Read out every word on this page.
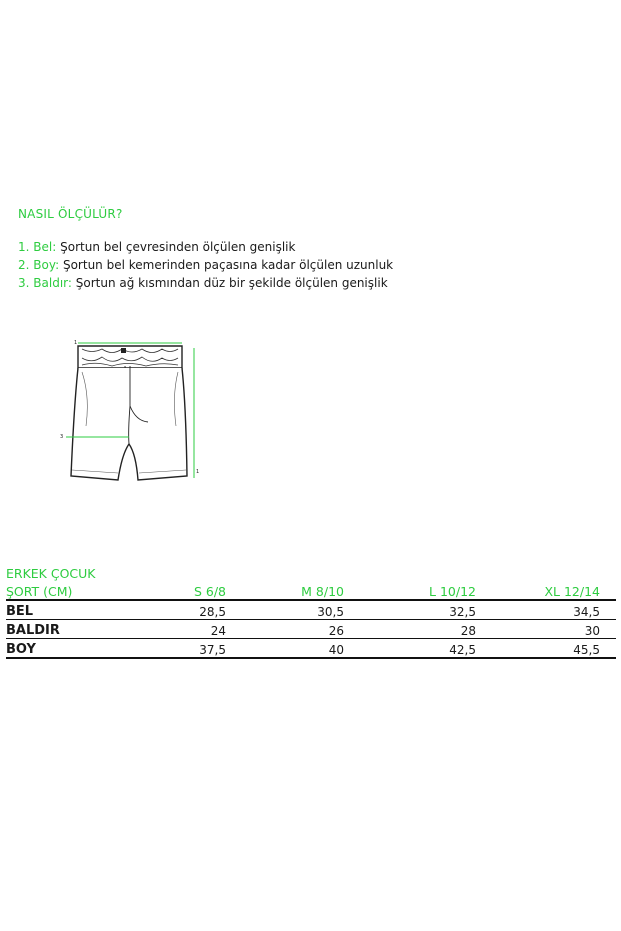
NASIL ÖLÇÜLÜR?
1. Bel: Şortun bel çevresinden ölçülen genişlik
2. Boy: Şortun bel kemerinden paçasına kadar ölçülen uzunluk
3. Baldır: Şortun ağ kısmından düz bir şekilde ölçülen genişlik
1
3
1
ERKEK ÇOCUK
ŞORT (CM)	S 6/8	M 8/10	L 10/12	XL 12/14
BEL	28,5	30,5	32,5	34,5
BALDIR	24	26	28	30
BOY	37,5	40	42,5	45,5
